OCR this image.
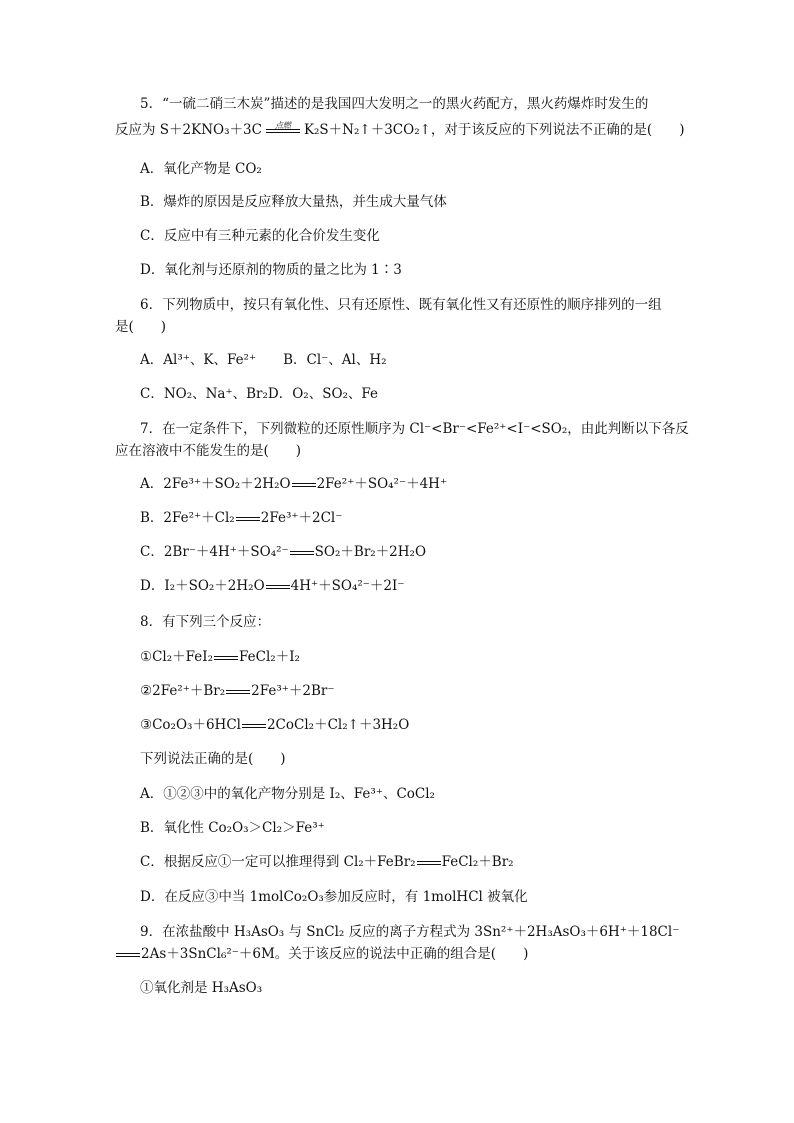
5．“一硫二硝三木炭”描述的是我国四大发明之一的黑火药配方，黑火药爆炸时发生的
反应为 S＋2KNO₃＋3C	点燃 K₂S＋N₂↑＋3CO₂↑，对于该反应的下列说法不正确的是(　　)
A．氧化产物是 CO₂
B．爆炸的原因是反应释放大量热，并生成大量气体
C．反应中有三种元素的化合价发生变化
D．氧化剂与还原剂的物质的量之比为 1∶3
6．下列物质中，按只有氧化性、只有还原性、既有氧化性又有还原性的顺序排列的一组
是(　　)
A．Al³⁺、K、Fe²⁺　　B．Cl⁻、Al、H₂
C．NO₂、Na⁺、Br₂D．O₂、SO₂、Fe
7．在一定条件下，下列微粒的还原性顺序为 Cl⁻<Br⁻<Fe²⁺<I⁻<SO₂，由此判断以下各反
应在溶液中不能发生的是(　　)
A．2Fe³⁺＋SO₂＋2H₂O 2Fe²⁺＋SO₄²⁻＋4H⁺
B．2Fe²⁺＋Cl₂ 2Fe³⁺＋2Cl⁻
C．2Br⁻＋4H⁺＋SO₄²⁻ SO₂＋Br₂＋2H₂O
D．I₂＋SO₂＋2H₂O 4H⁺＋SO₄²⁻＋2I⁻
8．有下列三个反应：
①Cl₂＋FeI₂ FeCl₂＋I₂
②2Fe²⁺＋Br₂ 2Fe³⁺＋2Br⁻
③Co₂O₃＋6HCl 2CoCl₂＋Cl₂↑＋3H₂O
下列说法正确的是(　　)
A．①②③中的氧化产物分别是 I₂、Fe³⁺、CoCl₂
B．氧化性 Co₂O₃＞Cl₂＞Fe³⁺
C．根据反应①一定可以推理得到 Cl₂＋FeBr₂ FeCl₂＋Br₂
D．在反应③中当 1molCo₂O₃参加反应时，有 1molHCl 被氧化
9．在浓盐酸中 H₃AsO₃ 与 SnCl₂ 反应的离子方程式为 3Sn²⁺＋2H₃AsO₃＋6H⁺＋18Cl⁻
2As＋3SnCl₆²⁻＋6M。关于该反应的说法中正确的组合是(　　)
①氧化剂是 H₃AsO₃
